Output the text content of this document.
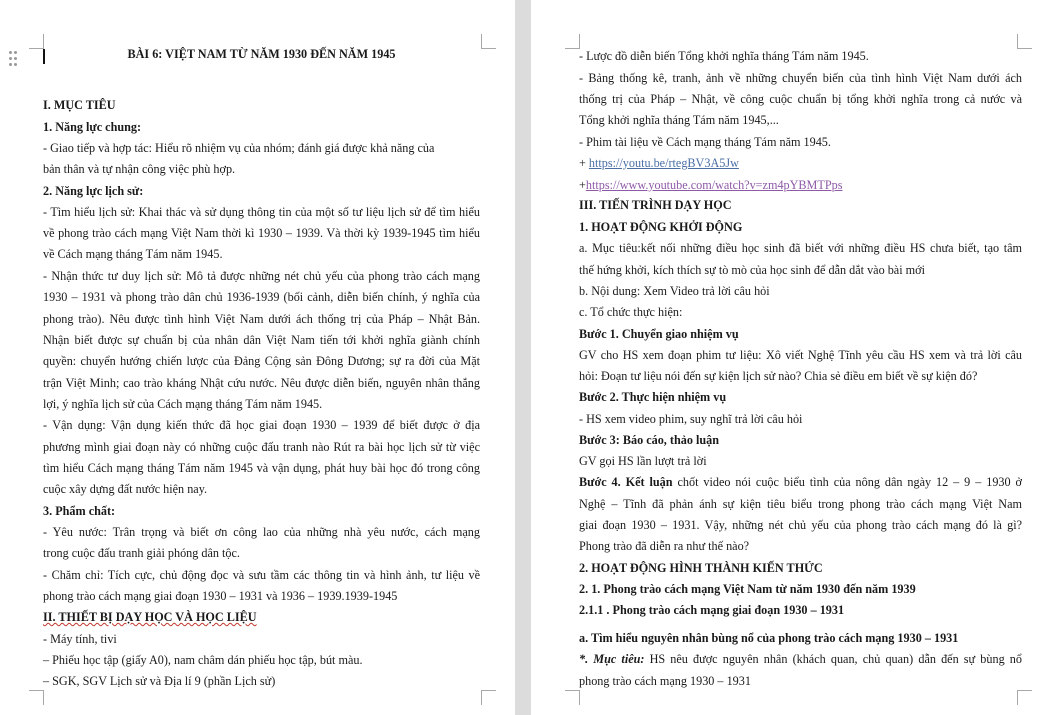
BÀI 6: VIỆT NAM TỪ NĂM 1930 ĐẾN NĂM 1945
I. MỤC TIÊU
1. Năng lực chung:
- Giao tiếp và hợp tác: Hiểu rõ nhiệm vụ của nhóm; đánh giá được khả năng của
bản thân và tự nhận công việc phù hợp.
2. Năng lực lịch sử:
- Tìm hiểu lịch sử: Khai thác và sử dụng thông tin của một số tư liệu lịch sử để tìm hiểu
về phong trào cách mạng Việt Nam thời kì 1930 – 1939. Và thời kỳ 1939-1945 tìm hiểu
về Cách mạng tháng Tám năm 1945.
- Nhận thức tư duy lịch sử: Mô tả được những nét chủ yếu của phong trào cách mạng
1930 – 1931 và phong trào dân chủ 1936-1939 (bối cảnh, diễn biến chính, ý nghĩa của
phong trào). Nêu được tình hình Việt Nam dưới ách thống trị của Pháp – Nhật Bản.
Nhận biết được sự chuẩn bị của nhân dân Việt Nam tiến tới khởi nghĩa giành chính
quyền: chuyển hướng chiến lược của Đảng Cộng sản Đông Dương; sự ra đời của Mặt
trận Việt Minh; cao trào kháng Nhật cứu nước. Nêu được diễn biến, nguyên nhân thắng
lợi, ý nghĩa lịch sử của Cách mạng tháng Tám năm 1945.
- Vận dụng: Vận dụng kiến thức đã học giai đoạn 1930 – 1939 để biết được ở địa
phương mình giai đoạn này có những cuộc đấu tranh nào Rút ra bài học lịch sử từ việc
tìm hiểu Cách mạng tháng Tám năm 1945 và vận dụng, phát huy bài học đó trong công
cuộc xây dựng đất nước hiện nay.
3. Phẩm chất:
- Yêu nước: Trân trọng và biết ơn công lao của những nhà yêu nước, cách mạng
trong cuộc đấu tranh giải phóng dân tộc.
- Chăm chỉ: Tích cực, chủ động đọc và sưu tầm các thông tin và hình ảnh, tư liệu về
phong trào cách mạng giai đoạn 1930 – 1931 và 1936 – 1939.1939-1945
II. THIẾT BỊ DẠY HỌC VÀ HỌC LIỆU
- Máy tính, tivi
– Phiếu học tập (giấy A0), nam châm dán phiếu học tập, bút màu.
– SGK, SGV Lịch sử và Địa lí 9 (phần Lịch sử)
- Lược đồ diễn biến Tổng khởi nghĩa tháng Tám năm 1945.
- Bảng thống kê, tranh, ảnh về những chuyển biến của tình hình Việt Nam dưới ách
thống trị của Pháp – Nhật, về công cuộc chuẩn bị tổng khởi nghĩa trong cả nước và
Tổng khởi nghĩa tháng Tám năm 1945,...
- Phim tài liệu về Cách mạng tháng Tám năm 1945.
+ https://youtu.be/rtegBV3A5Jw
+https://www.youtube.com/watch?v=zm4pYBMTPps
III. TIẾN TRÌNH DẠY HỌC
1. HOẠT ĐỘNG KHỞI ĐỘNG
a. Mục tiêu:kết nối những điều học sinh đã biết với những điều HS chưa biết, tạo tâm
thế hứng khởi, kích thích sự tò mò của học sinh để dẫn dắt vào bài mới
b. Nội dung: Xem Video trả lời câu hỏi
c. Tổ chức thực hiện:
Bước 1. Chuyển giao nhiệm vụ
GV cho HS xem đoạn phim tư liệu: Xô viết Nghệ Tĩnh yêu cầu HS xem và trả lời câu
hỏi: Đoạn tư liệu nói đến sự kiện lịch sử nào? Chia sẻ điều em biết về sự kiện đó?
Bước 2. Thực hiện nhiệm vụ
- HS xem video phim, suy nghĩ trả lời câu hỏi
Bước 3: Báo cáo, thảo luận
GV gọi HS lần lượt trả lời
Bước 4. Kết luận chốt video nói cuộc biểu tình của nông dân ngày 12 – 9 – 1930 ở
Nghệ – Tĩnh đã phản ánh sự kiện tiêu biểu trong phong trào cách mạng Việt Nam
giai đoạn 1930 – 1931. Vậy, những nét chủ yếu của phong trào cách mạng đó là gì?
Phong trào đã diễn ra như thế nào?
2. HOẠT ĐỘNG HÌNH THÀNH KIẾN THỨC
2. 1. Phong trào cách mạng Việt Nam từ năm 1930 đến năm 1939
2.1.1 . Phong trào cách mạng giai đoạn 1930 – 1931
a. Tìm hiểu nguyên nhân bùng nổ của phong trào cách mạng 1930 – 1931
*. Mục tiêu: HS nêu được nguyên nhân (khách quan, chủ quan) dẫn đến sự bùng nổ
phong trào cách mạng 1930 – 1931
